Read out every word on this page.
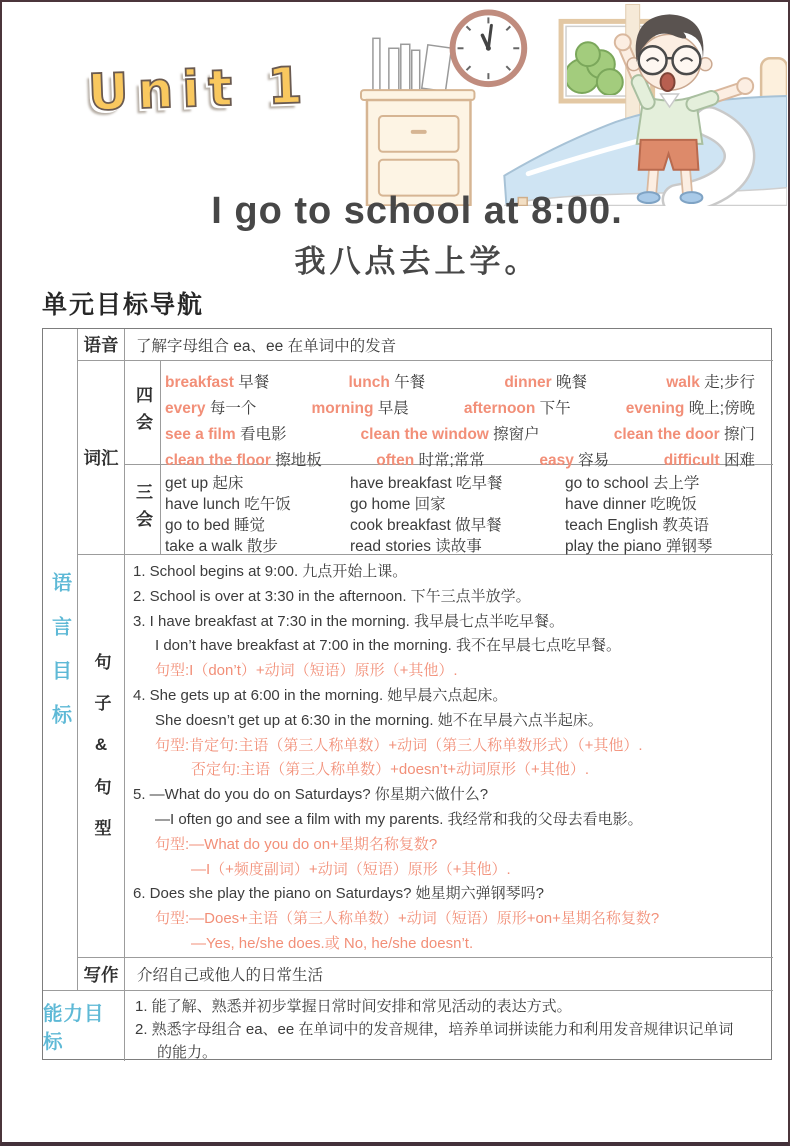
Unit 1
I go to school at 8:00.
我八点去上学。
单元目标导航
语言目标
语音	了解字母组合 ea、ee 在单词中的发音
词汇
四会
breakfast 早餐	lunch 午餐	dinner 晚餐	walk 走;步行
every 每一个	morning 早晨	afternoon 下午	evening 晚上;傍晚
see a film 看电影	clean the window 擦窗户	clean the door 擦门
clean the floor 擦地板	often 时常;常常	easy 容易	difficult 困难
三会 get up 起床	have breakfast 吃早餐	go to school 去上学
have lunch 吃午饭	go home 回家	have dinner 吃晚饭
go to bed 睡觉	cook breakfast 做早餐	teach English 教英语
take a walk 散步	read stories 读故事	play the piano 弹钢琴
句子&句型
1. School begins at 9:00. 九点开始上课。
2. School is over at 3:30 in the afternoon. 下午三点半放学。
3. I have breakfast at 7:30 in the morning. 我早晨七点半吃早餐。
I don’t have breakfast at 7:00 in the morning. 我不在早晨七点吃早餐。
句型:I（don’t）+动词（短语）原形（+其他）.
4. She gets up at 6:00 in the morning. 她早晨六点起床。
She doesn’t get up at 6:30 in the morning. 她不在早晨六点半起床。
句型:肯定句:主语（第三人称单数）+动词（第三人称单数形式）（+其他）.
否定句:主语（第三人称单数）+doesn’t+动词原形（+其他）.
5. —What do you do on Saturdays? 你星期六做什么?
—I often go and see a film with my parents. 我经常和我的父母去看电影。
句型:—What do you do on+星期名称复数?
—I（+频度副词）+动词（短语）原形（+其他）.
6. Does she play the piano on Saturdays? 她星期六弹钢琴吗?
句型:—Does+主语（第三人称单数）+动词（短语）原形+on+星期名称复数?
—Yes, he/she does.或 No, he/she doesn’t.
写作	介绍自己或他人的日常生活
能力目标
1. 能了解、熟悉并初步掌握日常时间安排和常见活动的表达方式。
2. 熟悉字母组合 ea、ee 在单词中的发音规律，培养单词拼读能力和利用发音规律识记单词的能力。
